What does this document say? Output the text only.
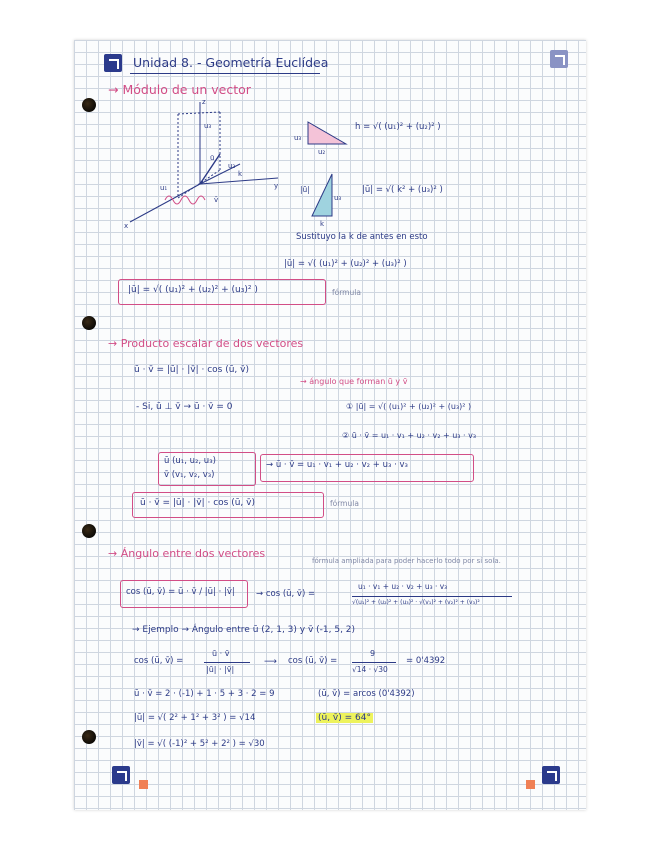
Unidad 8. - Geometría Euclídea
→ Módulo de un vector
z
y
x
u₃
u₂
u₁
k
ū
v̄
u₃
u₂
h = √( (u₁)² + (u₂)² )
u₃
k
|ū|	|ū| = √( k² + (u₃)² )
Sustituyo la k de antes en esto
|ū| = √( (u₁)² + (u₂)² + (u₃)² )
|ū| = √( (u₁)² + (u₂)² + (u₃)² )	fórmula
→ Producto escalar de dos vectores
ū · v̄ = |ū| · |v̄| · cos (ū, v̄)
→ ángulo que forman ū y v̄
- Si, ū ⊥ v̄ → ū · v̄ = 0	① |ū| = √( (u₁)² + (u₂)² + (u₃)² )
② ū · v̄ = u₁ · v₁ + u₂ · v₂ + u₃ · v₃
ū (u₁, u₂, u₃)
v̄ (v₁, v₂, v₃)
→ ū · v̄ = u₁ · v₁ + u₂ · v₂ + u₃ · v₃
ū · v̄ = |ū| · |v̄| · cos (ū, v̄)	fórmula
→ Ángulo entre dos vectores
fórmula ampliada para poder hacerlo todo por sí sola.
cos (ū, v̄) = ū · v̄ / |ū| · |v̄| → cos (ū, v̄) =
u₁ · v₁ + u₂ · v₂ + u₃ · v₃
√(u₁)² + (u₂)² + (u₃)² · √(v₁)² + (v₂)² + (v₃)²
→ Ejemplo → Ángulo entre ū (2, 1, 3) y v̄ (-1, 5, 2)
cos (ū, v̄) =
ū · v̄
|ū| · |v̄|
⟶ cos (ū, v̄) =
9
√14 · √30
= 0'4392
ū · v̄ = 2 · (-1) + 1 · 5 + 3 · 2 = 9	(ū, v̄) = arcos (0'4392)
|ū| = √( 2² + 1² + 3² ) = √14	(ū, v̄) = 64°
|v̄| = √( (-1)² + 5² + 2² ) = √30
